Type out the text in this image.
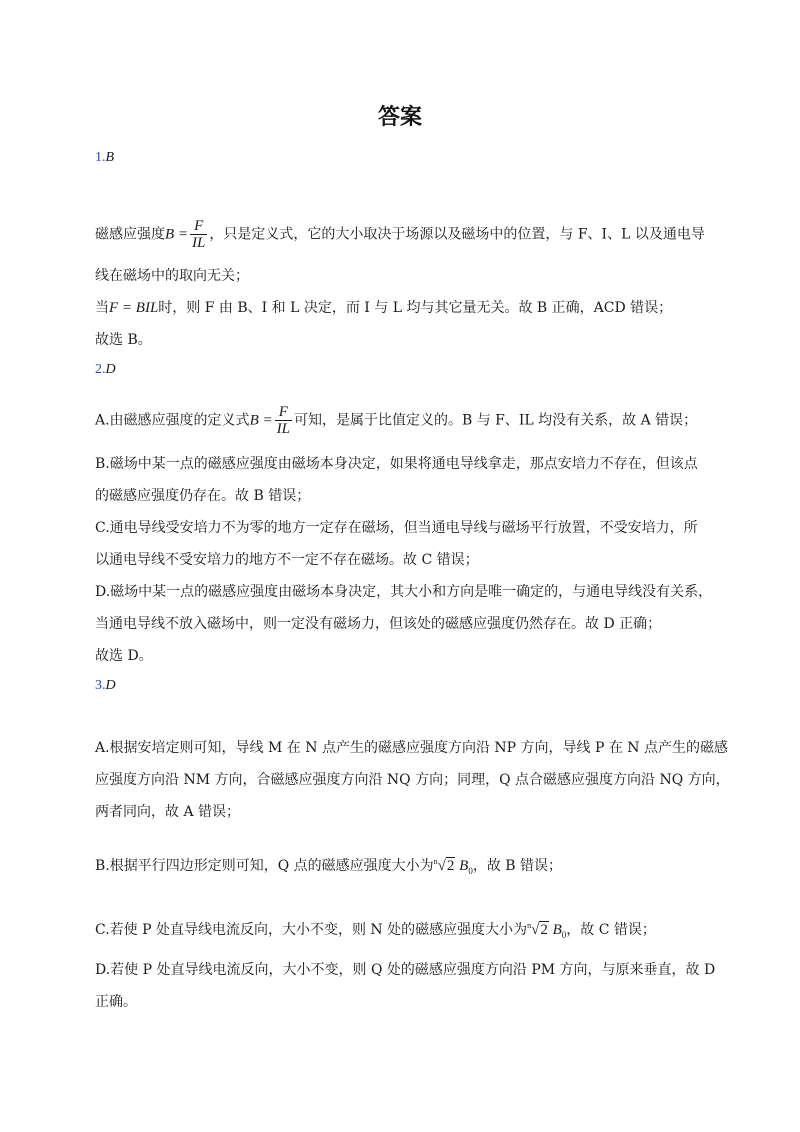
答案
1.B
磁感应强度$B = \frac{F}{IL}$ ，只是定义式，它的大小取决于场源以及磁场中的位置，与 F、I、L 以及通电导
线在磁场中的取向无关；
当F = BIL时，则 F 由 B、I 和 L 决定，而 I 与 L 均与其它量无关。故 B 正确，ACD 错误；
故选 B。
2.D
A.由磁感应强度的定义式$B = \frac{F}{IL}$ 可知，是属于比值定义的。B 与 F、IL 均没有关系，故 A 错误；
B.磁场中某一点的磁感应强度由磁场本身决定，如果将通电导线拿走，那点安培力不存在，但该点
的磁感应强度仍存在。故 B 错误；
C.通电导线受安培力不为零的地方一定存在磁场，但当通电导线与磁场平行放置，不受安培力，所
以通电导线不受安培力的地方不一定不存在磁场。故 C 错误；
D.磁场中某一点的磁感应强度由磁场本身决定，其大小和方向是唯一确定的，与通电导线没有关系，
当通电导线不放入磁场中，则一定没有磁场力，但该处的磁感应强度仍然存在。故 D 正确；
故选 D。
3.D
A.根据安培定则可知，导线 M 在 N 点产生的磁感应强度方向沿 NP 方向，导线 P 在 N 点产生的磁感
应强度方向沿 NM 方向，合磁感应强度方向沿 NQ 方向；同理，Q 点合磁感应强度方向沿 NQ 方向，
两者同向，故 A 错误；
B.根据平行四边形定则可知，Q 点的磁感应强度大小为$^n$√2 $B_0$，故 B 错误；
C.若使 P 处直导线电流反向，大小不变，则 N 处的磁感应强度大小为$^n$√2 $B_0$，故 C 错误；
D.若使 P 处直导线电流反向，大小不变，则 Q 处的磁感应强度方向沿 PM 方向，与原来垂直，故 D
正确。
